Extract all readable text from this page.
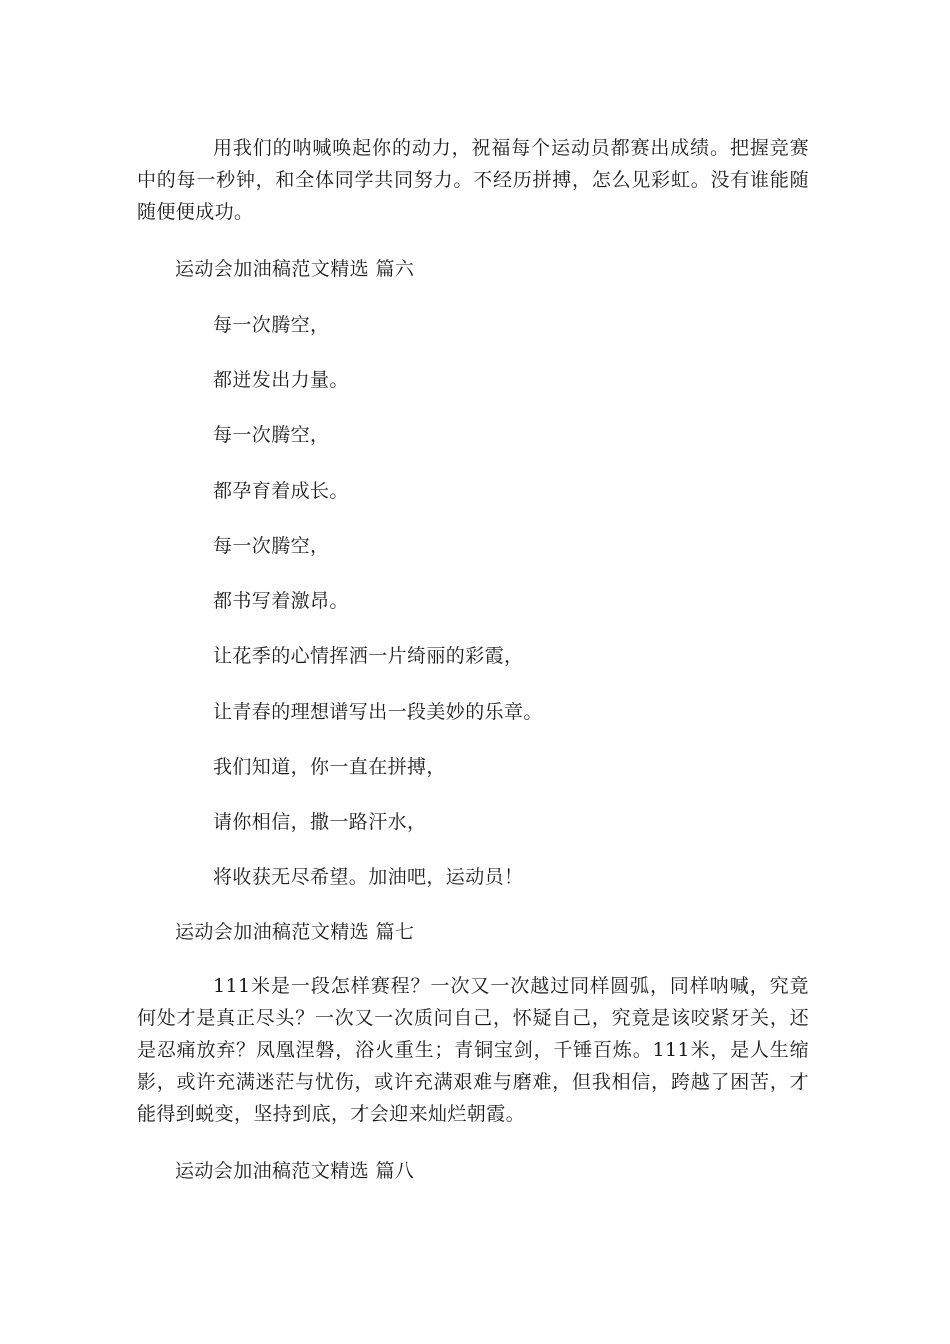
用我们的呐喊唤起你的动力，祝福每个运动员都赛出成绩。把握竞赛中的每一秒钟，和全体同学共同努力。不经历拼搏，怎么见彩虹。没有谁能随随便便成功。

运动会加油稿范文精选 篇六

每一次腾空，

都迸发出力量。

每一次腾空，

都孕育着成长。

每一次腾空，

都书写着激昂。

让花季的心情挥洒一片绮丽的彩霞，

让青春的理想谱写出一段美妙的乐章。

我们知道，你一直在拼搏，

请你相信，撒一路汗水，

将收获无尽希望。加油吧，运动员！

运动会加油稿范文精选 篇七

111米是一段怎样赛程？一次又一次越过同样圆弧，同样呐喊，究竟何处才是真正尽头？一次又一次质问自己，怀疑自己，究竟是该咬紧牙关，还是忍痛放弃？凤凰涅磐，浴火重生；青铜宝剑，千锤百炼。111米，是人生缩影，或许充满迷茫与忧伤，或许充满艰难与磨难，但我相信，跨越了困苦，才能得到蜕变，坚持到底，才会迎来灿烂朝霞。

运动会加油稿范文精选 篇八
